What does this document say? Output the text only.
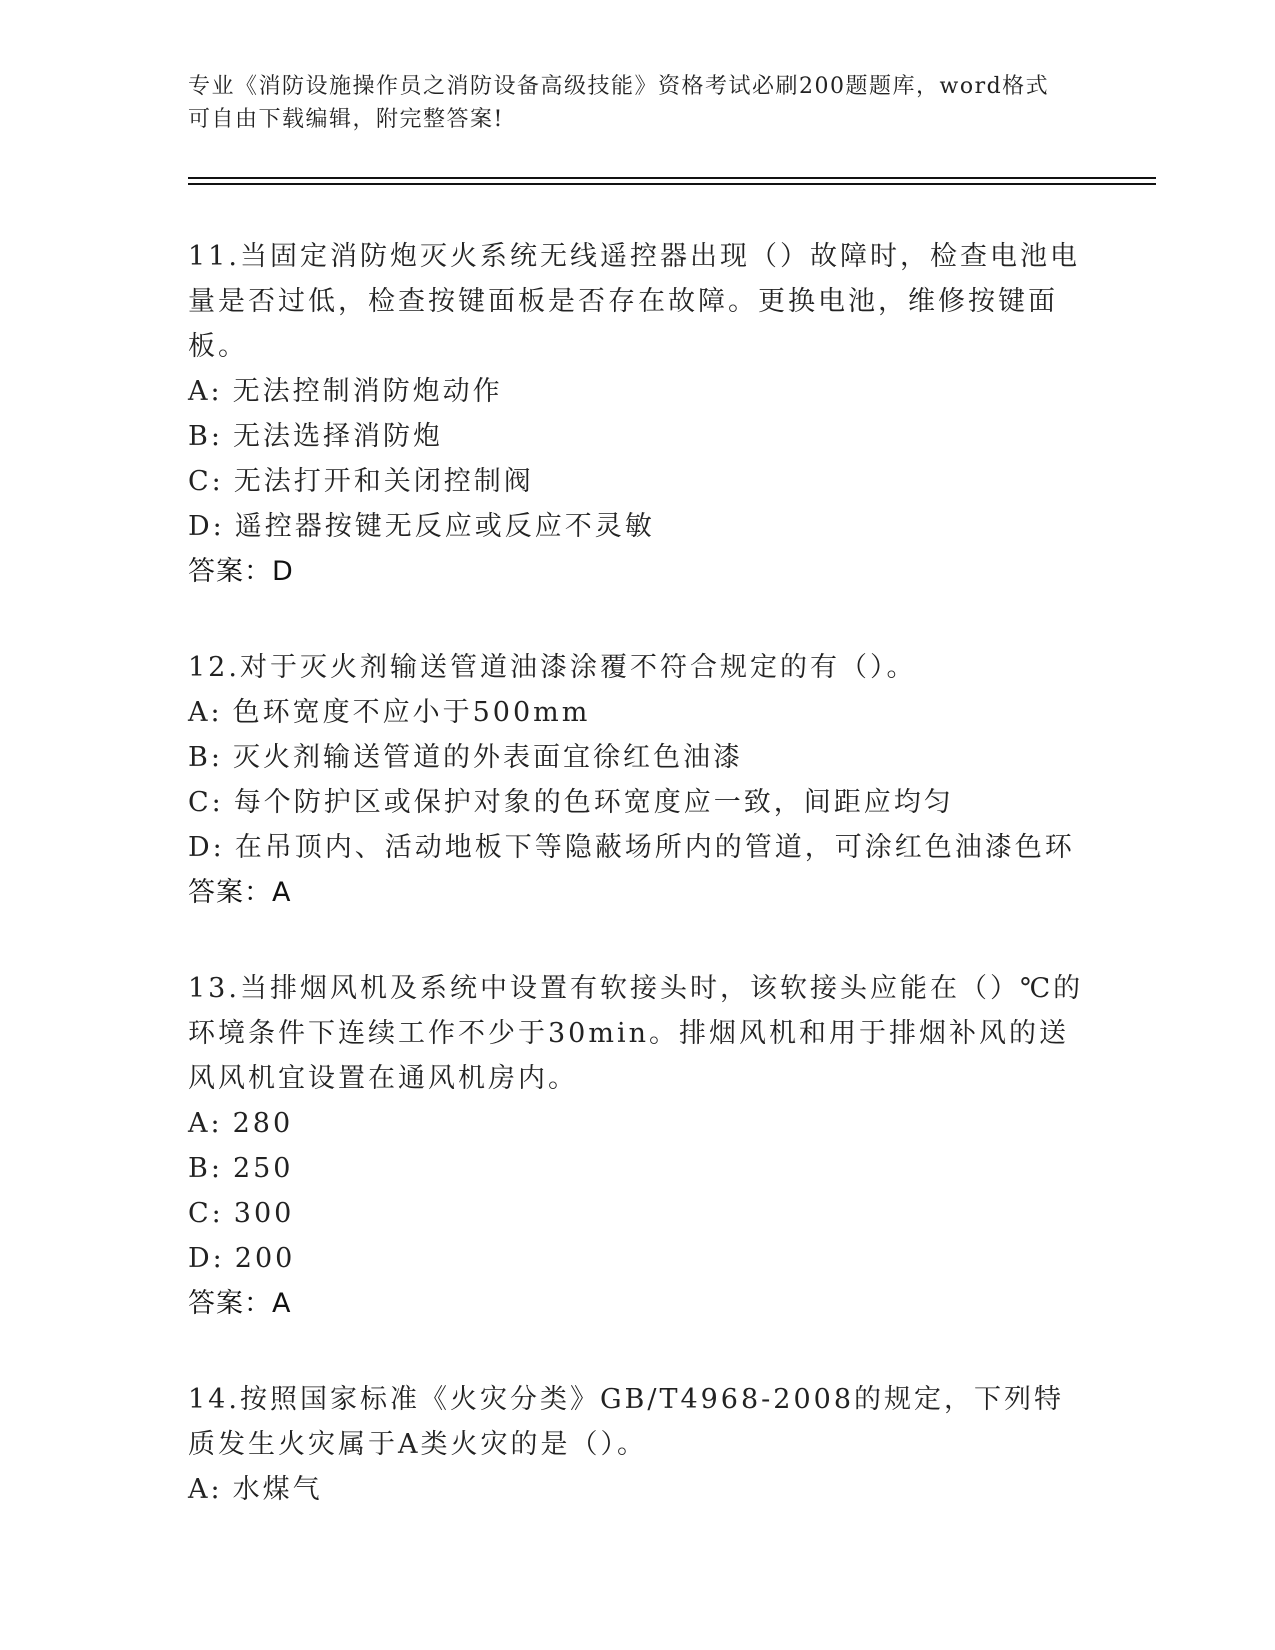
专业《消防设施操作员之消防设备高级技能》资格考试必刷200题题库，word格式可自由下载编辑，附完整答案!
11.当固定消防炮灭火系统无线遥控器出现（）故障时，检查电池电量是否过低，检查按键面板是否存在故障。更换电池，维修按键面板。
A: 无法控制消防炮动作
B: 无法选择消防炮
C: 无法打开和关闭控制阀
D: 遥控器按键无反应或反应不灵敏
答案：D
12.对于灭火剂输送管道油漆涂覆不符合规定的有（）。
A: 色环宽度不应小于500mm
B: 灭火剂输送管道的外表面宜徐红色油漆
C: 每个防护区或保护对象的色环宽度应一致，间距应均匀
D: 在吊顶内、活动地板下等隐蔽场所内的管道，可涂红色油漆色环
答案：A
13.当排烟风机及系统中设置有软接头时，该软接头应能在（）℃的环境条件下连续工作不少于30min。排烟风机和用于排烟补风的送风风机宜设置在通风机房内。
A: 280
B: 250
C: 300
D: 200
答案：A
14.按照国家标准《火灾分类》GB/T4968-2008的规定，下列特质发生火灾属于A类火灾的是（）。
A: 水煤气
